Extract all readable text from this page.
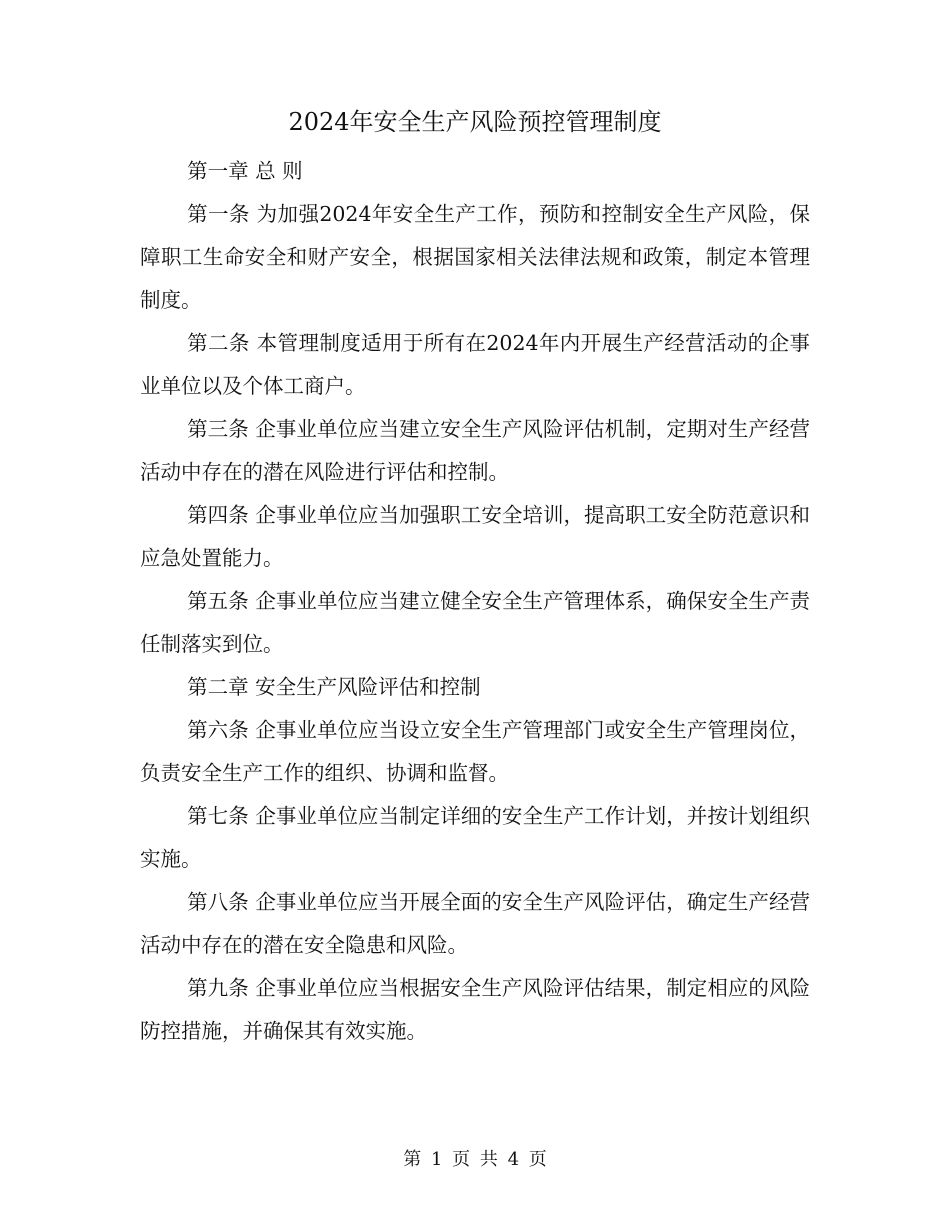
2024年安全生产风险预控管理制度

第一章 总 则

第一条 为加强2024年安全生产工作，预防和控制安全生产风险，保障职工生命安全和财产安全，根据国家相关法律法规和政策，制定本管理制度。

第二条 本管理制度适用于所有在2024年内开展生产经营活动的企事业单位以及个体工商户。

第三条 企事业单位应当建立安全生产风险评估机制，定期对生产经营活动中存在的潜在风险进行评估和控制。

第四条 企事业单位应当加强职工安全培训，提高职工安全防范意识和应急处置能力。

第五条 企事业单位应当建立健全安全生产管理体系，确保安全生产责任制落实到位。

第二章 安全生产风险评估和控制

第六条 企事业单位应当设立安全生产管理部门或安全生产管理岗位，负责安全生产工作的组织、协调和监督。

第七条 企事业单位应当制定详细的安全生产工作计划，并按计划组织实施。

第八条 企事业单位应当开展全面的安全生产风险评估，确定生产经营活动中存在的潜在安全隐患和风险。

第九条 企事业单位应当根据安全生产风险评估结果，制定相应的风险防控措施，并确保其有效实施。

第 1 页 共 4 页
